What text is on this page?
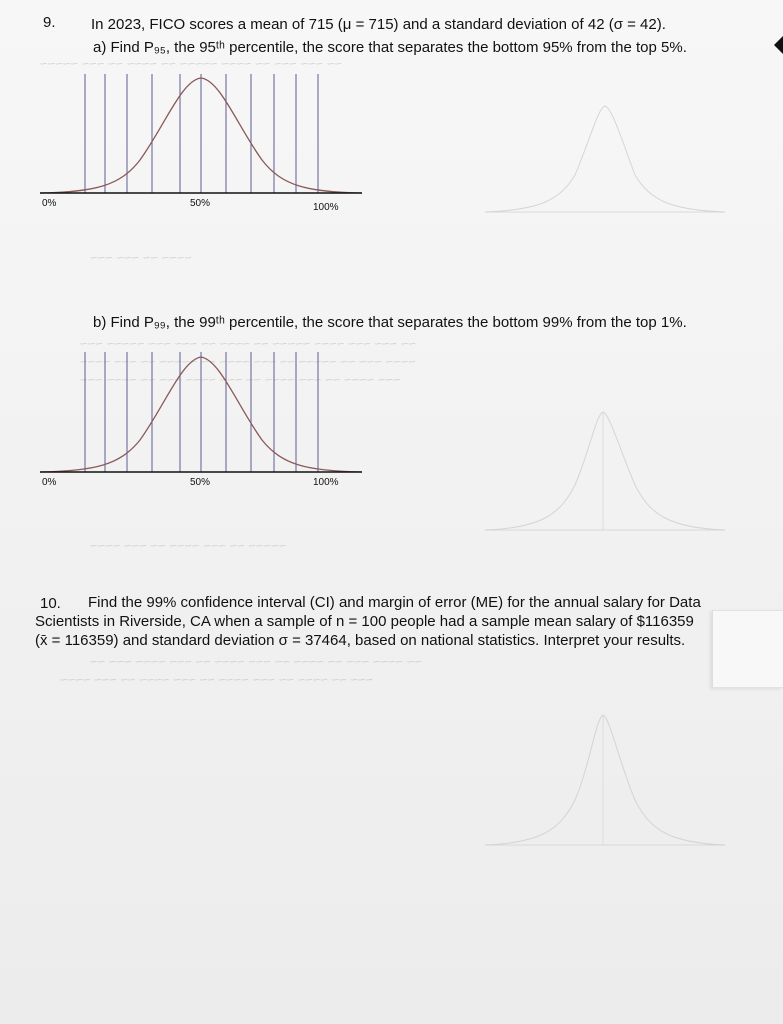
~~ ~~~ ~~~ ~~ ~~~~ ~~~~~ ~~ ~~~~ ~~ ~~~ ~~~~~
~~~~ ~~ ~~~ ~~~
~~ ~~~ ~~~ ~~~~ ~~~~~ ~~ ~~~~ ~~ ~~~ ~~~ ~~~~~ ~~~
~~~~ ~~~ ~~ ~~~~~ ~~ ~~~ ~~~~ ~~ ~~~~~ ~~ ~~~ ~~~~
~~~ ~~~~ ~~ ~~~ ~~~~ ~~ ~~~ ~~~~ ~~~ ~~ ~~~~ ~~~
~~~~~ ~~ ~~~ ~~~~ ~~ ~~~ ~~~~
~~ ~~~~ ~~~ ~~ ~~~~ ~~ ~~~ ~~~~ ~~ ~~~ ~~~~ ~~~ ~~
~~~ ~~ ~~~~ ~~ ~~~ ~~~~ ~~ ~~~ ~~~~ ~~ ~~~ ~~~~
9. In 2023, FICO scores a mean of 715 (μ = 715) and a standard deviation of 42 (σ = 42).
a) Find P₉₅, the 95ᵗʰ percentile, the score that separates the bottom 95% from the top 5%.
0%	50%	100%
b) Find P₉₉, the 99ᵗʰ percentile, the score that separates the bottom 99% from the top 1%.
0%	50%	100%
10. Find the 99% confidence interval (CI) and margin of error (ME) for the annual salary for Data
Scientists in Riverside, CA when a sample of n = 100 people had a sample mean salary of $116359
(x̄ = 116359) and standard deviation σ = 37464, based on national statistics. Interpret your results.
